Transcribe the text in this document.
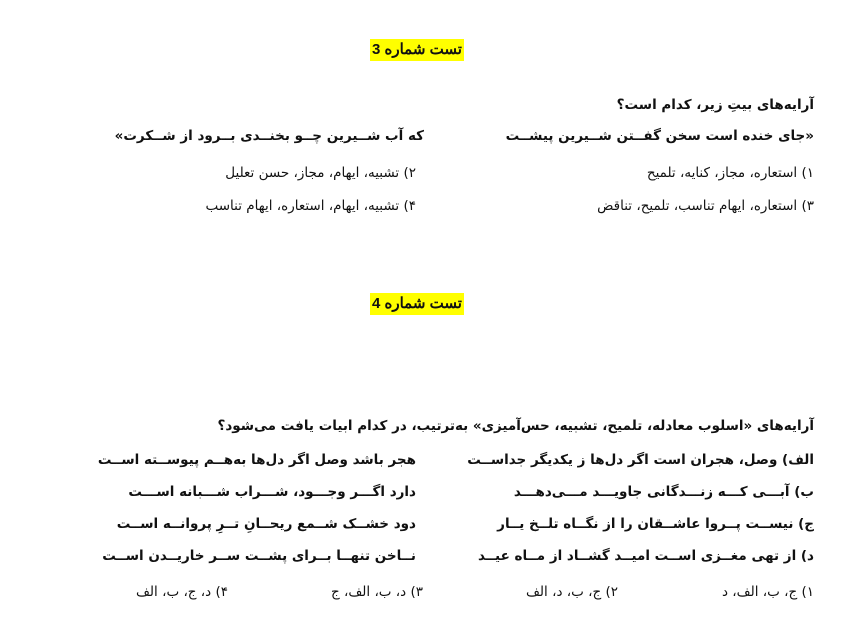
تست شماره 3
آرایه‌های بیتِ زیر، کدام است؟
«جای خنده است سخن گفــتن شــیرین پیشــت
که آب شــیرین چــو بخنــدی بــرود از شــکرت»
۱) استعاره، مجاز، کنایه، تلمیح
۲) تشبیه، ایهام، مجاز، حسن تعلیل
۳) استعاره، ایهام تناسب، تلمیح، تناقض
۴) تشبیه، ایهام، استعاره، ایهام تناسب
تست شماره 4
آرایه‌های «اسلوب معادله، تلمیح، تشبیه، حس‌آمیزی» به‌ترتیب، در کدام ابیات یافت می‌شود؟
الف) وصل، هجران است اگر دل‌ها ز یکدیگر جداســت
هجر باشد وصل اگر دل‌ها به‌هــم پیوســته اســت
ب) آبـــی کـــه زنـــدگانی جاویـــد مـــی‌دهـــد
دارد اگـــر وجـــود، شـــراب شـــبانه اســـت
ج) نیســت پــروا عاشــقان را از نگــاه تلــخ یــار
دود خشــک شــمع ریحــانِ تــرِ پروانــه اســت
د) از تهی مغــزی اســت امیــد گشــاد از مــاه عیــد
نــاخن تنهــا بــرای پشــت ســر خاریــدن اســت
۱) ج، ب، الف، د
۲) ج، ب، د، الف
۳) د، ب، الف، ج
۴) د، ج، ب، الف
